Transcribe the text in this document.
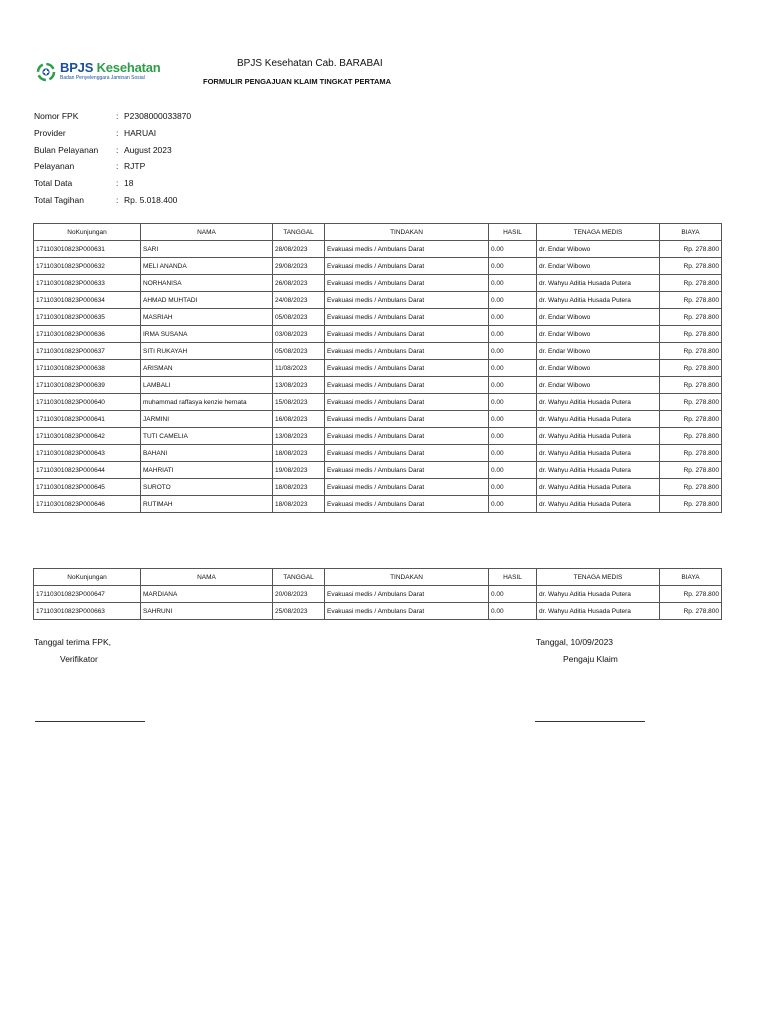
BPJS Kesehatan
Badan Penyelenggara Jaminan Sosial
BPJS Kesehatan Cab. BARABAI
FORMULIR PENGAJUAN KLAIM TINGKAT PERTAMA
Nomor FPK	: P2308000033870
Provider	: HARUAI
Bulan Pelayanan : August 2023
Pelayanan	: RJTP
Total Data	: 18
Total Tagihan	: Rp. 5.018.400
NoKunjungan	NAMA	TANGGAL	TINDAKAN	HASIL	TENAGA MEDIS	BIAYA
171103010823P000631	SARI	28/08/2023	Evakuasi medis / Ambulans Darat	0.00	dr. Endar Wibowo	Rp. 278.800
171103010823P000632	MELI ANANDA	29/08/2023	Evakuasi medis / Ambulans Darat	0.00	dr. Endar Wibowo	Rp. 278.800
171103010823P000633	NORHANISA	26/08/2023	Evakuasi medis / Ambulans Darat	0.00	dr. Wahyu Aditia Husada Putera	Rp. 278.800
171103010823P000634	AHMAD MUHTADI	24/08/2023	Evakuasi medis / Ambulans Darat	0.00	dr. Wahyu Aditia Husada Putera	Rp. 278.800
171103010823P000635	MASRIAH	05/08/2023	Evakuasi medis / Ambulans Darat	0.00	dr. Endar Wibowo	Rp. 278.800
171103010823P000636	IRMA SUSANA	03/08/2023	Evakuasi medis / Ambulans Darat	0.00	dr. Endar Wibowo	Rp. 278.800
171103010823P000637	SITI RUKAYAH	05/08/2023	Evakuasi medis / Ambulans Darat	0.00	dr. Endar Wibowo	Rp. 278.800
171103010823P000638	ARISMAN	11/08/2023	Evakuasi medis / Ambulans Darat	0.00	dr. Endar Wibowo	Rp. 278.800
171103010823P000639	LAMBALI	13/08/2023	Evakuasi medis / Ambulans Darat	0.00	dr. Endar Wibowo	Rp. 278.800
171103010823P000640	muhammad raffasya kenzie hernata	15/08/2023	Evakuasi medis / Ambulans Darat	0.00	dr. Wahyu Aditia Husada Putera	Rp. 278.800
171103010823P000641	JARMINI	16/08/2023	Evakuasi medis / Ambulans Darat	0.00	dr. Wahyu Aditia Husada Putera	Rp. 278.800
171103010823P000642	TUTI CAMELIA	13/08/2023	Evakuasi medis / Ambulans Darat	0.00	dr. Wahyu Aditia Husada Putera	Rp. 278.800
171103010823P000643	BAHANI	18/08/2023	Evakuasi medis / Ambulans Darat	0.00	dr. Wahyu Aditia Husada Putera	Rp. 278.800
171103010823P000644	MAHRIATI	19/08/2023	Evakuasi medis / Ambulans Darat	0.00	dr. Wahyu Aditia Husada Putera	Rp. 278.800
171103010823P000645	SUROTO	18/08/2023	Evakuasi medis / Ambulans Darat	0.00	dr. Wahyu Aditia Husada Putera	Rp. 278.800
171103010823P000646	RUTIMAH	18/08/2023	Evakuasi medis / Ambulans Darat	0.00	dr. Wahyu Aditia Husada Putera	Rp. 278.800
NoKunjungan	NAMA	TANGGAL	TINDAKAN	HASIL	TENAGA MEDIS	BIAYA
171103010823P000647	MARDIANA	20/08/2023	Evakuasi medis / Ambulans Darat	0.00	dr. Wahyu Aditia Husada Putera	Rp. 278.800
171103010823P000663	SAHRUNI	25/08/2023	Evakuasi medis / Ambulans Darat	0.00	dr. Wahyu Aditia Husada Putera	Rp. 278.800
Tanggal terima FPK,
Verifikator
Tanggal, 10/09/2023
Pengaju Klaim
